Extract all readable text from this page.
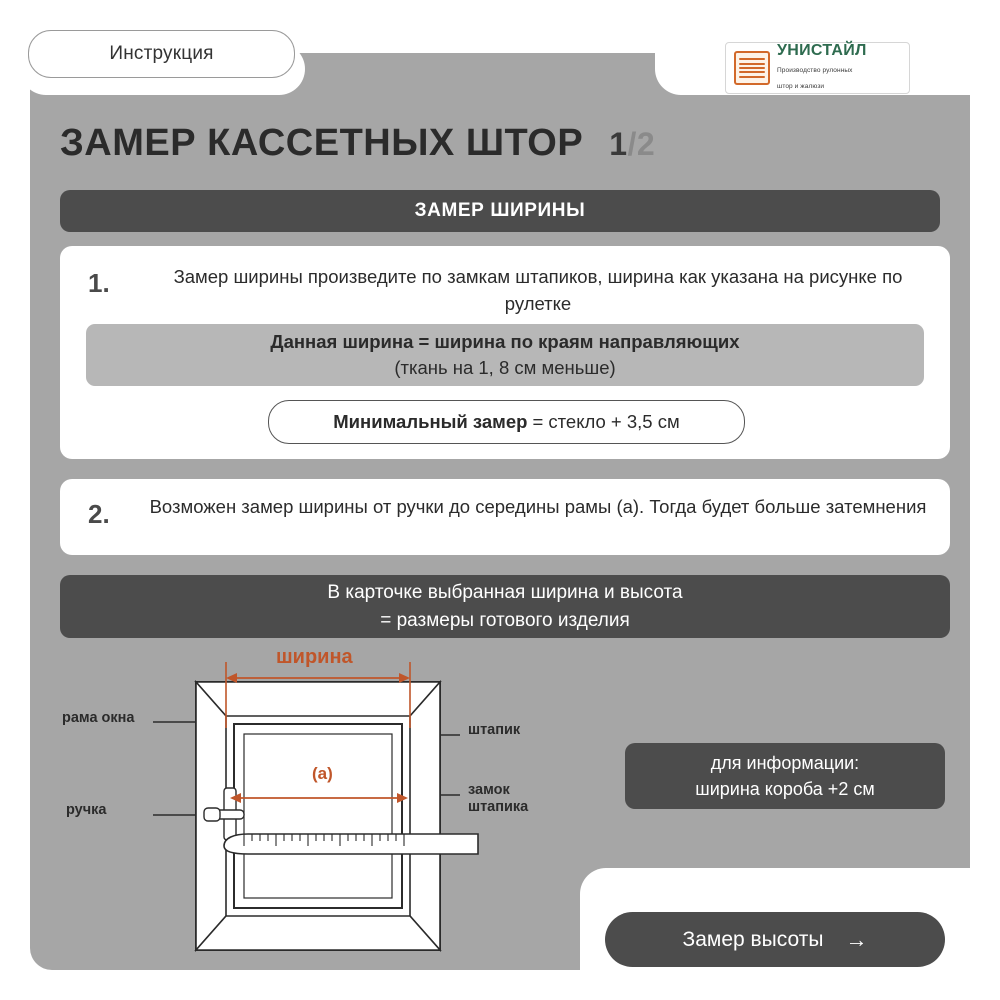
Инструкция	УНИСТАЙЛ Производство рулонных
штор и жалюзи
ЗАМЕР КАССЕТНЫХ ШТОР 1/2
ЗАМЕР ШИРИНЫ
1.	Замер ширины произведите по замкам штапиков, ширина как указана на рисунке по рулетке
Данная ширина = ширина по краям направляющих
(ткань на 1, 8 см меньше)
Минимальный замер = стекло + 3,5 см
2. Возможен замер ширины от ручки до середины рамы (а). Тогда будет больше затемнения
В карточке выбранная ширина и высота
= размеры готового изделия
для информации:
ширина короба +2 см
Замер высоты →
ширина
(а)
рама окна
ручка
штапик
замок
штапика
